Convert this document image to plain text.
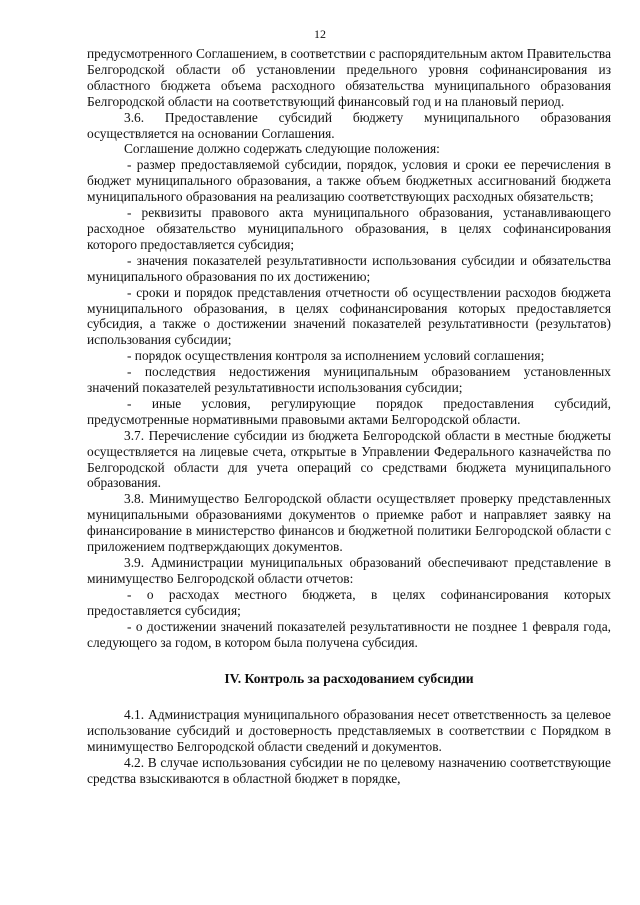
12

предусмотренного Соглашением, в соответствии с распорядительным актом Правительства Белгородской области об установлении предельного уровня софинансирования из областного бюджета объема расходного обязательства муниципального образования Белгородской области на соответствующий финансовый год и на плановый период.

3.6. Предоставление субсидий бюджету муниципального образования осуществляется на основании Соглашения.

Соглашение должно содержать следующие положения:

- размер предоставляемой субсидии, порядок, условия и сроки ее перечисления в бюджет муниципального образования, а также объем бюджетных ассигнований бюджета муниципального образования на реализацию соответствующих расходных обязательств;

- реквизиты правового акта муниципального образования, устанавливающего расходное обязательство муниципального образования, в целях софинансирования которого предоставляется субсидия;

- значения показателей результативности использования субсидии и обязательства муниципального образования по их достижению;

- сроки и порядок представления отчетности об осуществлении расходов бюджета муниципального образования, в целях софинансирования которых предоставляется субсидия, а также о достижении значений показателей результативности (результатов) использования субсидии;

- порядок осуществления контроля за исполнением условий соглашения;

- последствия недостижения муниципальным образованием установленных значений показателей результативности использования субсидии;

- иные условия, регулирующие порядок предоставления субсидий, предусмотренные нормативными правовыми актами Белгородской области.

3.7. Перечисление субсидии из бюджета Белгородской области в местные бюджеты осуществляется на лицевые счета, открытые в Управлении Федерального казначейства по Белгородской области для учета операций со средствами бюджета муниципального образования.

3.8. Минимущество Белгородской области осуществляет проверку представленных муниципальными образованиями документов о приемке работ и направляет заявку на финансирование в министерство финансов и бюджетной политики Белгородской области с приложением подтверждающих документов.

3.9. Администрации муниципальных образований обеспечивают представление в минимущество Белгородской области отчетов:

- о расходах местного бюджета, в целях софинансирования которых предоставляется субсидия;

- о достижении значений показателей результативности не позднее 1 февраля года, следующего за годом, в котором была получена субсидия.

IV. Контроль за расходованием субсидии

4.1. Администрация муниципального образования несет ответственность за целевое использование субсидий и достоверность представляемых в соответствии с Порядком в минимущество Белгородской области сведений и документов.

4.2. В случае использования субсидии не по целевому назначению соответствующие средства взыскиваются в областной бюджет в порядке,
